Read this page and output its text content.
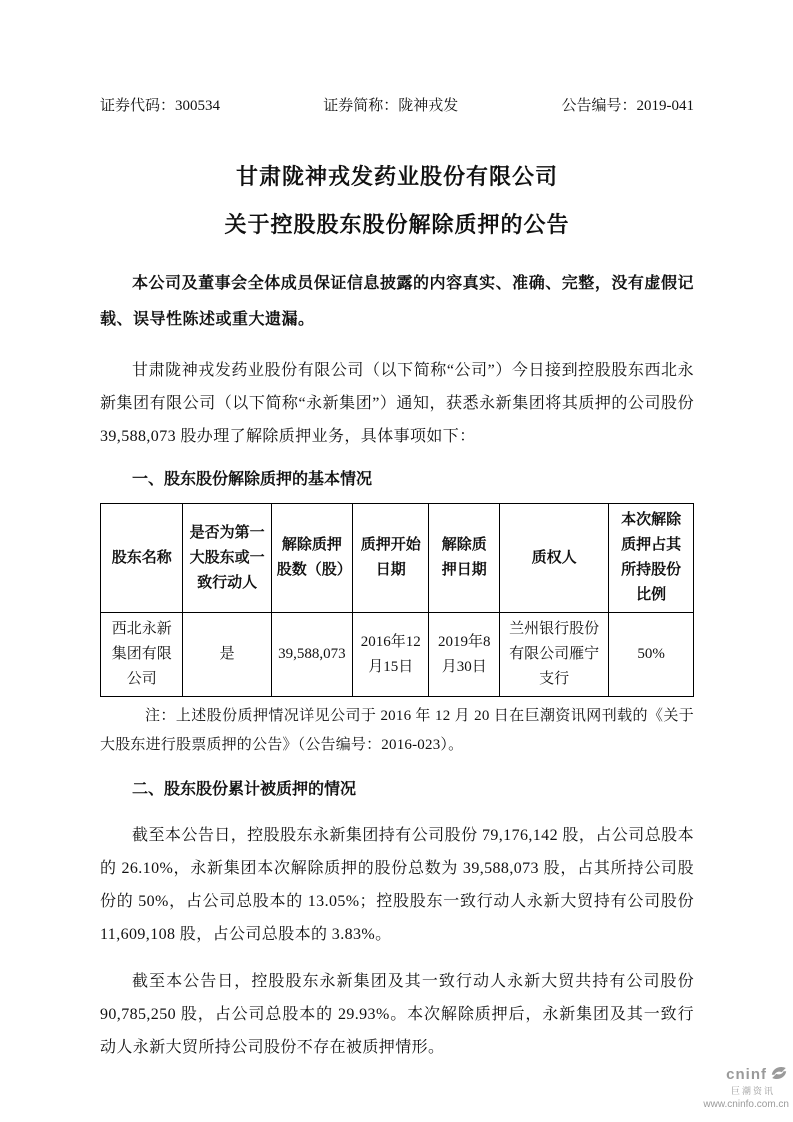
证券代码：300534	证券简称：陇神戎发	公告编号：2019-041
甘肃陇神戎发药业股份有限公司
关于控股股东股份解除质押的公告

本公司及董事会全体成员保证信息披露的内容真实、准确、完整，没有虚假记载、误导性陈述或重大遗漏。

甘肃陇神戎发药业股份有限公司（以下简称“公司”）今日接到控股股东西北永新集团有限公司（以下简称“永新集团”）通知，获悉永新集团将其质押的公司股份 39,588,073 股办理了解除质押业务，具体事项如下：

一、股东股份解除质押的基本情况
股东名称	是否为第一大股东或一致行动人	解除质押股数（股）	质押开始日期	解除质押日期	质权人	本次解除质押占其所持股份比例
西北永新集团有限公司	是	39,588,073	2016年12月15日	2019年8月30日	兰州银行股份有限公司雁宁支行	50%

注：上述股份质押情况详见公司于 2016 年 12 月 20 日在巨潮资讯网刊载的《关于大股东进行股票质押的公告》（公告编号：2016-023）。

二、股东股份累计被质押的情况

截至本公告日，控股股东永新集团持有公司股份 79,176,142 股，占公司总股本的 26.10%，永新集团本次解除质押的股份总数为 39,588,073 股，占其所持公司股份的 50%，占公司总股本的 13.05%；控股股东一致行动人永新大贸持有公司股份 11,609,108 股，占公司总股本的 3.83%。

截至本公告日，控股股东永新集团及其一致行动人永新大贸共持有公司股份 90,785,250 股，占公司总股本的 29.93%。本次解除质押后，永新集团及其一致行动人永新大贸所持公司股份不存在被质押情形。

cninf
巨潮资讯
www.cninfo.com.cn
